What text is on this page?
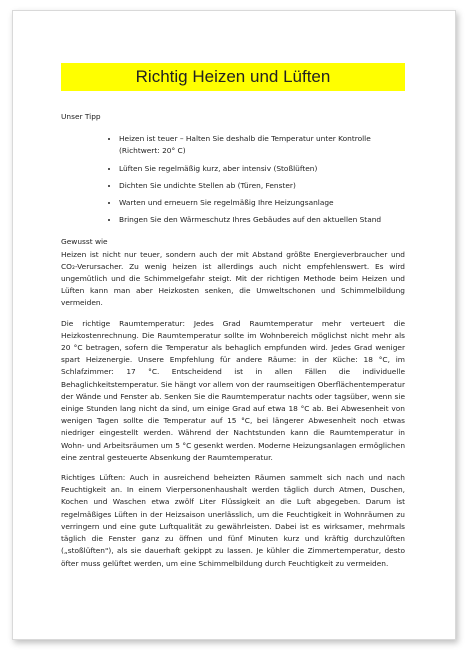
Richtig Heizen und Lüften

Unser Tipp

• Heizen ist teuer – Halten Sie deshalb die Temperatur unter Kontrolle (Richtwert: 20° C)
• Lüften Sie regelmäßig kurz, aber intensiv (Stoßlüften)
• Dichten Sie undichte Stellen ab (Türen, Fenster)
• Warten und erneuern Sie regelmäßig Ihre Heizungsanlage
• Bringen Sie den Wärmeschutz Ihres Gebäudes auf den aktuellen Stand

Gewusst wie

Heizen ist nicht nur teuer, sondern auch der mit Abstand größte Energieverbraucher und CO₂-Verursacher. Zu wenig heizen ist allerdings auch nicht empfehlenswert. Es wird ungemütlich und die Schimmelgefahr steigt. Mit der richtigen Methode beim Heizen und Lüften kann man aber Heizkosten senken, die Umweltschonen und Schimmelbildung vermeiden.

Die richtige Raumtemperatur: Jedes Grad Raumtemperatur mehr verteuert die Heizkostenrechnung. Die Raumtemperatur sollte im Wohnbereich möglichst nicht mehr als 20 °C betragen, sofern die Temperatur als behaglich empfunden wird. Jedes Grad weniger spart Heizenergie. Unsere Empfehlung für andere Räume: in der Küche: 18 °C, im Schlafzimmer: 17 °C. Entscheidend ist in allen Fällen die individuelle Behaglichkeitstemperatur. Sie hängt vor allem von der raumseitigen Oberflächentemperatur der Wände und Fenster ab. Senken Sie die Raumtemperatur nachts oder tagsüber, wenn sie einige Stunden lang nicht da sind, um einige Grad auf etwa 18 °C ab. Bei Abwesenheit von wenigen Tagen sollte die Temperatur auf 15 °C, bei längerer Abwesenheit noch etwas niedriger eingestellt werden. Während der Nachtstunden kann die Raumtemperatur in Wohn- und Arbeitsräumen um 5 °C gesenkt werden. Moderne Heizungsanlagen ermöglichen eine zentral gesteuerte Absenkung der Raumtemperatur.

Richtiges Lüften: Auch in ausreichend beheizten Räumen sammelt sich nach und nach Feuchtigkeit an. In einem Vierpersonenhaushalt werden täglich durch Atmen, Duschen, Kochen und Waschen etwa zwölf Liter Flüssigkeit an die Luft abgegeben. Darum ist regelmäßiges Lüften in der Heizsaison unerlässlich, um die Feuchtigkeit in Wohnräumen zu verringern und eine gute Luftqualität zu gewährleisten. Dabei ist es wirksamer, mehrmals täglich die Fenster ganz zu öffnen und fünf Minuten kurz und kräftig durchzulüften („stoßlüften"), als sie dauerhaft gekippt zu lassen. Je kühler die Zimmertemperatur, desto öfter muss gelüftet werden, um eine Schimmelbildung durch Feuchtigkeit zu vermeiden.
